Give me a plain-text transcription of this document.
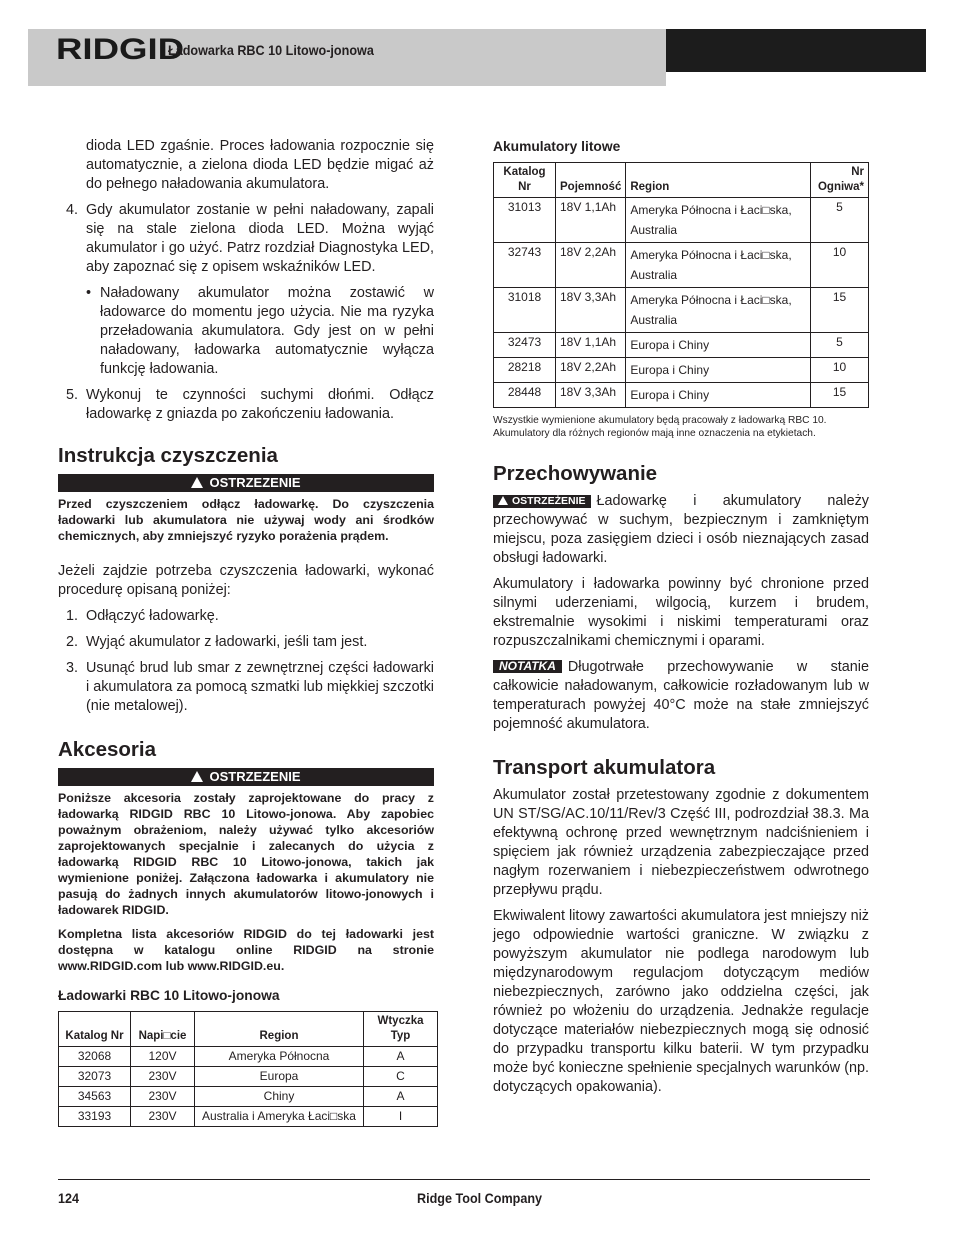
RIDGID
Ładowarka RBC 10 Litowo-jonowa
dioda LED zgaśnie. Proces ładowania rozpocznie się automatycznie, a zielona dioda LED będzie migać aż do pełnego naładowania akumulatora.
4. Gdy akumulator zostanie w pełni naładowany, zapali się na stale zielona dioda LED. Można wyjąć akumulator i go użyć. Patrz rozdział Diagnostyka LED, aby zapoznać się z opisem wskaźników LED.
• Naładowany akumulator można zostawić w ładowarce do momentu jego użycia. Nie ma ryzyka przeładowania akumulatora. Gdy jest on w pełni naładowany, ładowarka automatycznie wyłącza funkcję ładowania.
5. Wykonuj te czynności suchymi dłońmi. Odłącz ładowarkę z gniazda po zakończeniu ładowania.
Instrukcja czyszczenia
OSTRZEZENIE
Przed czyszczeniem odłącz ładowarkę. Do czyszczenia ładowarki lub akumulatora nie używaj wody ani środków chemicznych, aby zmniejszyć ryzyko porażenia prądem.
Jeżeli zajdzie potrzeba czyszczenia ładowarki, wykonać procedurę opisaną poniżej:
1. Odłączyć ładowarkę.
2. Wyjąć akumulator z ładowarki, jeśli tam jest.
3. Usunąć brud lub smar z zewnętrznej części ładowarki i akumulatora za pomocą szmatki lub miękkiej szczotki (nie metalowej).
Akcesoria
OSTRZEZENIE
Poniższe akcesoria zostały zaprojektowane do pracy z ładowarką RIDGID RBC 10 Litowo-jonowa. Aby zapobiec poważnym obrażeniom, należy używać tylko akcesoriów zaprojektowanych specjalnie i zalecanych do użycia z ładowarką RIDGID RBC 10 Litowo-jonowa, takich jak wymienione poniżej. Załączona ładowarka i akumulatory nie pasują do żadnych innych akumulatorów litowo-jonowych i ładowarek RIDGID.
Kompletna lista akcesoriów RIDGID do tej ładowarki jest dostępna w katalogu online RIDGID na stronie www.RIDGID.com lub www.RIDGID.eu.
Ładowarki RBC 10 Litowo-jonowa
Katalog Nr	Napi□cie	Region	Wtyczka Typ
32068	120V	Ameryka Północna	A
32073	230V	Europa	C
34563	230V	Chiny	A
33193	230V	Australia i Ameryka Łaci□ska	I
Akumulatory litowe
Katalog Nr	Pojemność	Region	Nr Ogniwa*
31013	18V 1,1Ah	Ameryka Północna i Łaci□ska, Australia	5
32743	18V 2,2Ah	Ameryka Północna i Łaci□ska, Australia	10
31018	18V 3,3Ah	Ameryka Północna i Łaci□ska, Australia	15
32473	18V 1,1Ah	Europa i Chiny	5
28218	18V 2,2Ah	Europa i Chiny	10
28448	18V 3,3Ah	Europa i Chiny	15
Wszystkie wymienione akumulatory będą pracowały z ładowarką RBC 10. Akumulatory dla różnych regionów mają inne oznaczenia na etykietach.
Przechowywanie
OSTRZEŻENIE Ładowarkę i akumulatory należy przechowywać w suchym, bezpiecznym i zamkniętym miejscu, poza zasięgiem dzieci i osób nieznających zasad obsługi ładowarki.
Akumulatory i ładowarka powinny być chronione przed silnymi uderzeniami, wilgocią, kurzem i brudem, ekstremalnie wysokimi i niskimi temperaturami oraz rozpuszczalnikami chemicznymi i oparami.
NOTATKA Długotrwałe przechowywanie w stanie całkowicie naładowanym, całkowicie rozładowanym lub w temperaturach powyżej 40°C może na stałe zmniejszyć pojemność akumulatora.
Transport akumulatora
Akumulator został przetestowany zgodnie z dokumentem UN ST/SG/AC.10/11/Rev/3 Część III, podrozdział 38.3. Ma efektywną ochronę przed wewnętrznym nadciśnieniem i spięciem jak również urządzenia zabezpieczające przed nagłym rozerwaniem i niebezpieczeństwem odwrotnego przepływu prądu.
Ekwiwalent litowy zawartości akumulatora jest mniejszy niż jego odpowiednie wartości graniczne. W związku z powyższym akumulator nie podlega narodowym lub międzynarodowym regulacjom dotyczącym mediów niebezpiecznych, zarówno jako oddzielna części, jak również po włożeniu do urządzenia. Jednakże regulacje dotyczące materiałów niebezpiecznych mogą się odnosić do przypadku transportu kilku baterii. W tym przypadku może być konieczne spełnienie specjalnych warunków (np. dotyczących opakowania).
124	Ridge Tool Company
